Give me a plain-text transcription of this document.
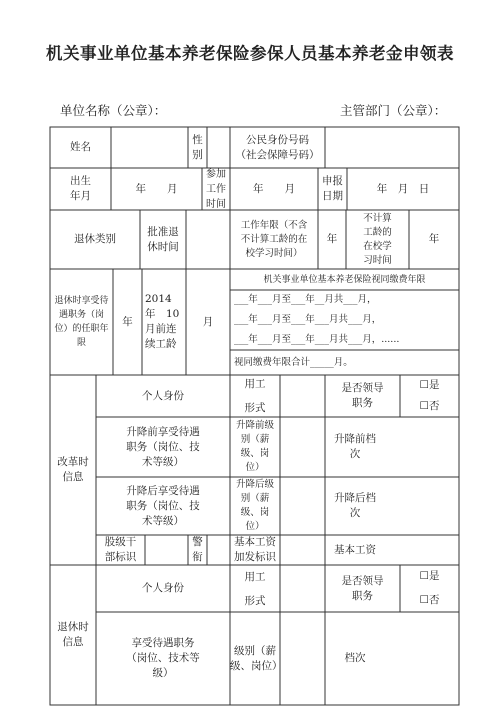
机关事业单位基本养老保险参保人员基本养老金申领表
单位名称（公章）：	主管部门（公章）：
姓名
性
别
公民身份号码
（社会保障号码）
出生
年月
年　　月
参加工作
时间
年　　月
申报
日期
年　月　日
退休类别
批准退
休时间
工作年限（不含
不计算工龄的在
校学习时间）
年
不计算
工龄的
在校学
习时间
年
退休时享受待
遇职务（岗
位）的任职年
限
年
2014
年　10
月前连
续工龄
月
机关事业单位基本养老保险视同缴费年限
___年___月至___年__月共___月，
___年___月至___年___月共___月，
___年___月至___年___月共___月，......
视同缴费年限合计_____月。
改革时
信息
个人身份
用工

形式
是否领导
职务
☐是
☐否
升降前享受待遇
职务（岗位、技
术等级）
升降前级
别（薪
级、岗
位）
升降前档
次
升降后享受待遇
职务（岗位、技
术等级）
升降后级
别（薪
级、岗
位）
升降后档
次
股级干
部标识
警
衔
基本工资
加发标识
基本工资
退休时
信息
个人身份
用工

形式
是否领导
职务
☐是
☐否
享受待遇职务
（岗位、技术等
级）
级别（薪
级、岗位）
档次
